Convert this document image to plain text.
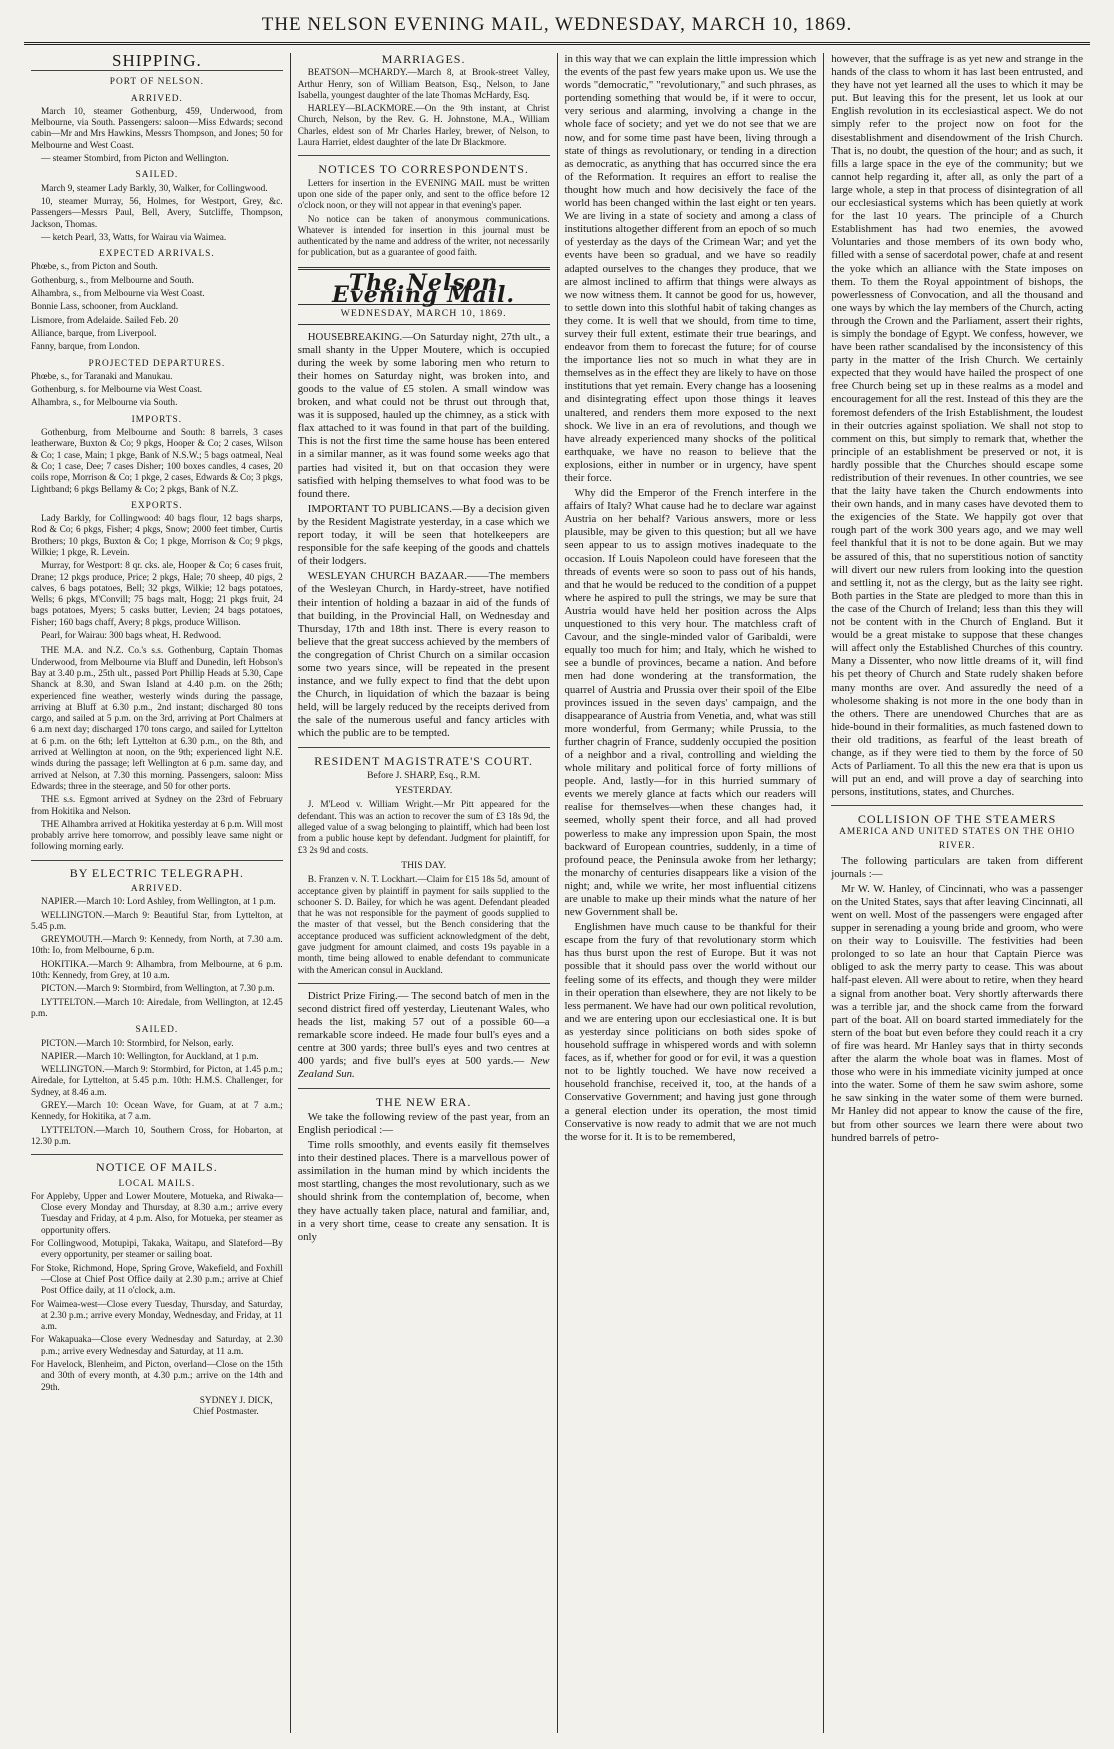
THE NELSON EVENING MAIL, WEDNESDAY, MARCH 10, 1869.
SHIPPING.
PORT OF NELSON.
ARRIVED.

March 10, steamer Gothenburg, 459, Underwood, from Melbourne, via South. Passengers: saloon—Miss Edwards; second cabin—Mr and Mrs Hawkins, Messrs Thompson, and Jones; 50 for Melbourne and West Coast.

— steamer Stombird, from Picton and Wellington.

SAILED.

March 9, steamer Lady Barkly, 30, Walker, for Collingwood.

10, steamer Murray, 56, Holmes, for Westport, Grey, &c. Passengers—Messrs Paul, Bell, Avery, Sutcliffe, Thompson, Jackson, Thomas.

— ketch Pearl, 33, Watts, for Wairau via Waimea.

EXPECTED ARRIVALS.

Phœbe, s., from Picton and South.

Gothenburg, s., from Melbourne and South.

Alhambra, s., from Melbourne via West Coast.

Bonnie Lass, schooner, from Auckland.

Lismore, from Adelaide. Sailed Feb. 20

Alliance, barque, from Liverpool.

Fanny, barque, from London.

PROJECTED DEPARTURES.

Phœbe, s., for Taranaki and Manukau.

Gothenburg, s. for Melbourne via West Coast.

Alhambra, s., for Melbourne via South.

IMPORTS.

Gothenburg, from Melbourne and South: 8 barrels, 3 cases leatherware, Buxton & Co; 9 pkgs, Hooper & Co; 2 cases, Wilson & Co; 1 case, Main; 1 pkge, Bank of N.S.W.; 5 bags oatmeal, Neal & Co; 1 case, Dee; 7 cases Disher; 100 boxes candles, 4 cases, 20 coils rope, Morrison & Co; 1 pkge, 2 cases, Edwards & Co; 3 pkgs, Lightband; 6 pkgs Bellamy & Co; 2 pkgs, Bank of N.Z.

EXPORTS.

Lady Barkly, for Collingwood: 40 bags flour, 12 bags sharps, Rod & Co; 6 pkgs, Fisher; 4 pkgs, Snow; 2000 feet timber, Curtis Brothers; 10 pkgs, Buxton & Co; 1 pkge, Morrison & Co; 9 pkgs, Wilkie; 1 pkge, R. Levein.

Murray, for Westport: 8 qr. cks. ale, Hooper & Co; 6 cases fruit, Drane; 12 pkgs produce, Price; 2 pkgs, Hale; 70 sheep, 40 pigs, 2 calves, 6 bags potatoes, Bell; 32 pkgs, Wilkie; 12 bags potatoes, Wells; 6 pkgs, M'Convill; 75 bags malt, Hogg; 21 pkgs fruit, 24 bags potatoes, Myers; 5 casks butter, Levien; 24 bags potatoes, Fisher; 160 bags chaff, Avery; 8 pkgs, produce Willison.

Pearl, for Wairau: 300 bags wheat, H. Redwood.

THE M.A. and N.Z. Co.'s s.s. Gothenburg, Captain Thomas Underwood, from Melbourne via Bluff and Dunedin, left Hobson's Bay at 3.40 p.m., 25th ult., passed Port Phillip Heads at 5.30, Cape Shanck at 8.30, and Swan Island at 4.40 p.m. on the 26th; experienced fine weather, westerly winds during the passage, arriving at Bluff at 6.30 p.m., 2nd instant; discharged 80 tons cargo, and sailed at 5 p.m. on the 3rd, arriving at Port Chalmers at 6 a.m next day; discharged 170 tons cargo, and sailed for Lyttelton at 6 p.m. on the 6th; left Lyttelton at 6.30 p.m., on the 8th, and arrived at Wellington at noon, on the 9th; experienced light N.E. winds during the passage; left Wellington at 6 p.m. same day, and arrived at Nelson, at 7.30 this morning. Passengers, saloon: Miss Edwards; three in the steerage, and 50 for other ports.

THE s.s. Egmont arrived at Sydney on the 23rd of February from Hokitika and Nelson.

THE Alhambra arrived at Hokitika yesterday at 6 p.m. Will most probably arrive here tomorrow, and possibly leave same night or following morning early.

BY ELECTRIC TELEGRAPH.
ARRIVED.

NAPIER.—March 10: Lord Ashley, from Wellington, at 1 p.m.

WELLINGTON.—March 9: Beautiful Star, from Lyttelton, at 5.45 p.m.

GREYMOUTH.—March 9: Kennedy, from North, at 7.30 a.m. 10th: Io, from Melbourne, 6 p.m.

HOKITIKA.—March 9: Alhambra, from Melbourne, at 6 p.m. 10th: Kennedy, from Grey, at 10 a.m.

PICTON.—March 9: Stormbird, from Wellington, at 7.30 p.m.

LYTTELTON.—March 10: Airedale, from Wellington, at 12.45 p.m.

SAILED.

PICTON.—March 10: Stormbird, for Nelson, early.

NAPIER.—March 10: Wellington, for Auckland, at 1 p.m.

WELLINGTON.—March 9: Stormbird, for Picton, at 1.45 p.m.; Airedale, for Lyttelton, at 5.45 p.m. 10th: H.M.S. Challenger, for Sydney, at 8.46 a.m.

GREY.—March 10: Ocean Wave, for Guam, at at 7 a.m.; Kennedy, for Hokitika, at 7 a.m.

LYTTELTON.—March 10, Southern Cross, for Hobarton, at 12.30 p.m.

NOTICE OF MAILS.
LOCAL MAILS.

For Appleby, Upper and Lower Moutere, Motueka, and Riwaka—Close every Monday and Thursday, at 8.30 a.m.; arrive every Tuesday and Friday, at 4 p.m. Also, for Motueka, per steamer as opportunity offers.

For Collingwood, Motupipi, Takaka, Waitapu, and Slateford—By every opportunity, per steamer or sailing boat.

For Stoke, Richmond, Hope, Spring Grove, Wakefield, and Foxhill—Close at Chief Post Office daily at 2.30 p.m.; arrive at Chief Post Office daily, at 11 o'clock, a.m.

For Waimea-west—Close every Tuesday, Thursday, and Saturday, at 2.30 p.m.; arrive every Monday, Wednesday, and Friday, at 11 a.m.

For Wakapuaka—Close every Wednesday and Saturday, at 2.30 p.m.; arrive every Wednesday and Saturday, at 11 a.m.

For Havelock, Blenheim, and Picton, overland—Close on the 15th and 30th of every month, at 4.30 p.m.; arrive on the 14th and 29th.

SYDNEY J. DICK,
Chief Postmaster.
MARRIAGES.

BEATSON—MCHARDY.—March 8, at Brook-street Valley, Arthur Henry, son of William Beatson, Esq., Nelson, to Jane Isabella, youngest daughter of the late Thomas McHardy, Esq.

HARLEY—BLACKMORE.—On the 9th instant, at Christ Church, Nelson, by the Rev. G. H. Johnstone, M.A., William Charles, eldest son of Mr Charles Harley, brewer, of Nelson, to Laura Harriet, eldest daughter of the late Dr Blackmore.

NOTICES TO CORRESPONDENTS.

Letters for insertion in the EVENING MAIL must be written upon one side of the paper only, and sent to the office before 12 o'clock noon, or they will not appear in that evening's paper.

No notice can be taken of anonymous communications. Whatever is intended for insertion in this journal must be authenticated by the name and address of the writer, not necessarily for publication, but as a guarantee of good faith.

The Nelson Evening Mail.
WEDNESDAY, MARCH 10, 1869.

HOUSEBREAKING.—On Saturday night, 27th ult., a small shanty in the Upper Moutere, which is occupied during the week by some laboring men who return to their homes on Saturday night, was broken into, and goods to the value of £5 stolen. A small window was broken, and what could not be thrust out through that, was it is supposed, hauled up the chimney, as a stick with flax attached to it was found in that part of the building. This is not the first time the same house has been entered in a similar manner, as it was found some weeks ago that parties had visited it, but on that occasion they were satisfied with helping themselves to what food was to be found there.

IMPORTANT TO PUBLICANS.—By a decision given by the Resident Magistrate yesterday, in a case which we report today, it will be seen that hotelkeepers are responsible for the safe keeping of the goods and chattels of their lodgers.

WESLEYAN CHURCH BAZAAR.——The members of the Wesleyan Church, in Hardy-street, have notified their intention of holding a bazaar in aid of the funds of that building, in the Provincial Hall, on Wednesday and Thursday, 17th and 18th inst. There is every reason to believe that the great success achieved by the members of the congregation of Christ Church on a similar occasion some two years since, will be repeated in the present instance, and we fully expect to find that the debt upon the Church, in liquidation of which the bazaar is being held, will be largely reduced by the receipts derived from the sale of the numerous useful and fancy articles with which the public are to be tempted.

RESIDENT MAGISTRATE'S COURT.
Before J. SHARP, Esq., R.M.
YESTERDAY.

J. M'Leod v. William Wright.—Mr Pitt appeared for the defendant. This was an action to recover the sum of £3 18s 9d, the alleged value of a swag belonging to plaintiff, which had been lost from a public house kept by defendant. Judgment for plaintiff, for £3 2s 9d and costs.

THIS DAY.

B. Franzen v. N. T. Lockhart.—Claim for £15 18s 5d, amount of acceptance given by plaintiff in payment for sails supplied to the schooner S. D. Bailey, for which he was agent. Defendant pleaded that he was not responsible for the payment of goods supplied to the master of that vessel, but the Bench considering that the acceptance produced was sufficient acknowledgment of the debt, gave judgment for amount claimed, and costs 19s payable in a month, time being allowed to enable defendant to communicate with the American consul in Auckland.

District Prize Firing.— The second batch of men in the second district fired off yesterday, Lieutenant Wales, who heads the list, making 57 out of a possible 60—a remarkable score indeed. He made four bull's eyes and a centre at 300 yards; three bull's eyes and two centres at 400 yards; and five bull's eyes at 500 yards.— New Zealand Sun.

THE NEW ERA.

We take the following review of the past year, from an English periodical :—

Time rolls smoothly, and events easily fit themselves into their destined places. There is a marvellous power of assimilation in the human mind by which incidents the most startling, changes the most revolutionary, such as we should shrink from the contemplation of, become, when they have actually taken place, natural and familiar, and, in a very short time, cease to create any sensation. It is only

in this way that we can explain the little impression which the events of the past few years make upon us. We use the words "democratic," "revolutionary," and such phrases, as portending something that would be, if it were to occur, very serious and alarming, involving a change in the whole face of society; and yet we do not see that we are now, and for some time past have been, living through a state of things as revolutionary, or tending in a direction as democratic, as anything that has occurred since the era of the Reformation. It requires an effort to realise the thought how much and how decisively the face of the world has been changed within the last eight or ten years. We are living in a state of society and among a class of institutions altogether different from an epoch of so much of yesterday as the days of the Crimean War; and yet the events have been so gradual, and we have so readily adapted ourselves to the changes they produce, that we are almost inclined to affirm that things were always as we now witness them. It cannot be good for us, however, to settle down into this slothful habit of taking changes as they come. It is well that we should, from time to time, survey their full extent, estimate their true bearings, and endeavor from them to forecast the future; for of course the importance lies not so much in what they are in themselves as in the effect they are likely to have on those institutions that yet remain. Every change has a loosening and disintegrating effect upon those things it leaves unaltered, and renders them more exposed to the next shock. We live in an era of revolutions, and though we have already experienced many shocks of the political earthquake, we have no reason to believe that the explosions, either in number or in urgency, have spent their force.

Why did the Emperor of the French interfere in the affairs of Italy? What cause had he to declare war against Austria on her behalf? Various answers, more or less plausible, may be given to this question; but all we have seen appear to us to assign motives inadequate to the occasion. If Louis Napoleon could have foreseen that the threads of events were so soon to pass out of his hands, and that he would be reduced to the condition of a puppet where he aspired to pull the strings, we may be sure that Austria would have held her position across the Alps unquestioned to this very hour. The matchless craft of Cavour, and the single-minded valor of Garibaldi, were equally too much for him; and Italy, which he wished to see a bundle of provinces, became a nation. And before men had done wondering at the transformation, the quarrel of Austria and Prussia over their spoil of the Elbe provinces issued in the seven days' campaign, and the disappearance of Austria from Venetia, and, what was still more wonderful, from Germany; while Prussia, to the further chagrin of France, suddenly occupied the position of a neighbor and a rival, controlling and wielding the whole military and political force of forty millions of people. And, lastly—for in this hurried summary of events we merely glance at facts which our readers will realise for themselves—when these changes had, it seemed, wholly spent their force, and all had proved powerless to make any impression upon Spain, the most backward of European countries, suddenly, in a time of profound peace, the Peninsula awoke from her lethargy; the monarchy of centuries disappears like a vision of the night; and, while we write, her most influential citizens are unable to make up their minds what the nature of her new Government shall be.

Englishmen have much cause to be thankful for their escape from the fury of that revolutionary storm which has thus burst upon the rest of Europe. But it was not possible that it should pass over the world without our feeling some of its effects, and though they were milder in their operation than elsewhere, they are not likely to be less permanent. We have had our own political revolution, and we are entering upon our ecclesiastical one. It is but as yesterday since politicians on both sides spoke of household suffrage in whispered words and with solemn faces, as if, whether for good or for evil, it was a question not to be lightly touched. We have now received a household franchise, received it, too, at the hands of a Conservative Government; and having just gone through a general election under its operation, the most timid Conservative is now ready to admit that we are not much the worse for it. It is to be remembered,

however, that the suffrage is as yet new and strange in the hands of the class to whom it has last been entrusted, and they have not yet learned all the uses to which it may be put. But leaving this for the present, let us look at our English revolution in its ecclesiastical aspect. We do not simply refer to the project now on foot for the disestablishment and disendowment of the Irish Church. That is, no doubt, the question of the hour; and as such, it fills a large space in the eye of the community; but we cannot help regarding it, after all, as only the part of a large whole, a step in that process of disintegration of all our ecclesiastical systems which has been quietly at work for the last 10 years. The principle of a Church Establishment has had two enemies, the avowed Voluntaries and those members of its own body who, filled with a sense of sacerdotal power, chafe at and resent the yoke which an alliance with the State imposes on them. To them the Royal appointment of bishops, the powerlessness of Convocation, and all the thousand and one ways by which the lay members of the Church, acting through the Crown and the Parliament, assert their rights, is simply the bondage of Egypt. We confess, however, we have been rather scandalised by the inconsistency of this party in the matter of the Irish Church. We certainly expected that they would have hailed the prospect of one free Church being set up in these realms as a model and encouragement for all the rest. Instead of this they are the foremost defenders of the Irish Establishment, the loudest in their outcries against spoliation. We shall not stop to comment on this, but simply to remark that, whether the principle of an establishment be preserved or not, it is hardly possible that the Churches should escape some redistribution of their revenues. In other countries, we see that the laity have taken the Church endowments into their own hands, and in many cases have devoted them to the exigencies of the State. We happily got over that rough part of the work 300 years ago, and we may well feel thankful that it is not to be done again. But we may be assured of this, that no superstitious notion of sanctity will divert our new rulers from looking into the question and settling it, not as the clergy, but as the laity see right. Both parties in the State are pledged to more than this in the case of the Church of Ireland; less than this they will not be content with in the Church of England. But it would be a great mistake to suppose that these changes will affect only the Established Churches of this country. Many a Dissenter, who now little dreams of it, will find his pet theory of Church and State rudely shaken before many months are over. And assuredly the need of a wholesome shaking is not more in the one body than in the others. There are unendowed Churches that are as hide-bound in their formalities, as much fastened down to their old traditions, as fearful of the least breath of change, as if they were tied to them by the force of 50 Acts of Parliament. To all this the new era that is upon us will put an end, and will prove a day of searching into persons, institutions, states, and Churches.

COLLISION OF THE STEAMERS
AMERICA AND UNITED STATES ON THE OHIO RIVER.

The following particulars are taken from different journals :—

Mr W. W. Hanley, of Cincinnati, who was a passenger on the United States, says that after leaving Cincinnati, all went on well. Most of the passengers were engaged after supper in serenading a young bride and groom, who were on their way to Louisville. The festivities had been prolonged to so late an hour that Captain Pierce was obliged to ask the merry party to cease. This was about half-past eleven. All were about to retire, when they heard a signal from another boat. Very shortly afterwards there was a terrible jar, and the shock came from the forward part of the boat. All on board started immediately for the stern of the boat but even before they could reach it a cry of fire was heard. Mr Hanley says that in thirty seconds after the alarm the whole boat was in flames. Most of those who were in his immediate vicinity jumped at once into the water. Some of them he saw swim ashore, some he saw sinking in the water some of them were burned. Mr Hanley did not appear to know the cause of the fire, but from other sources we learn there were about two hundred barrels of petro-
